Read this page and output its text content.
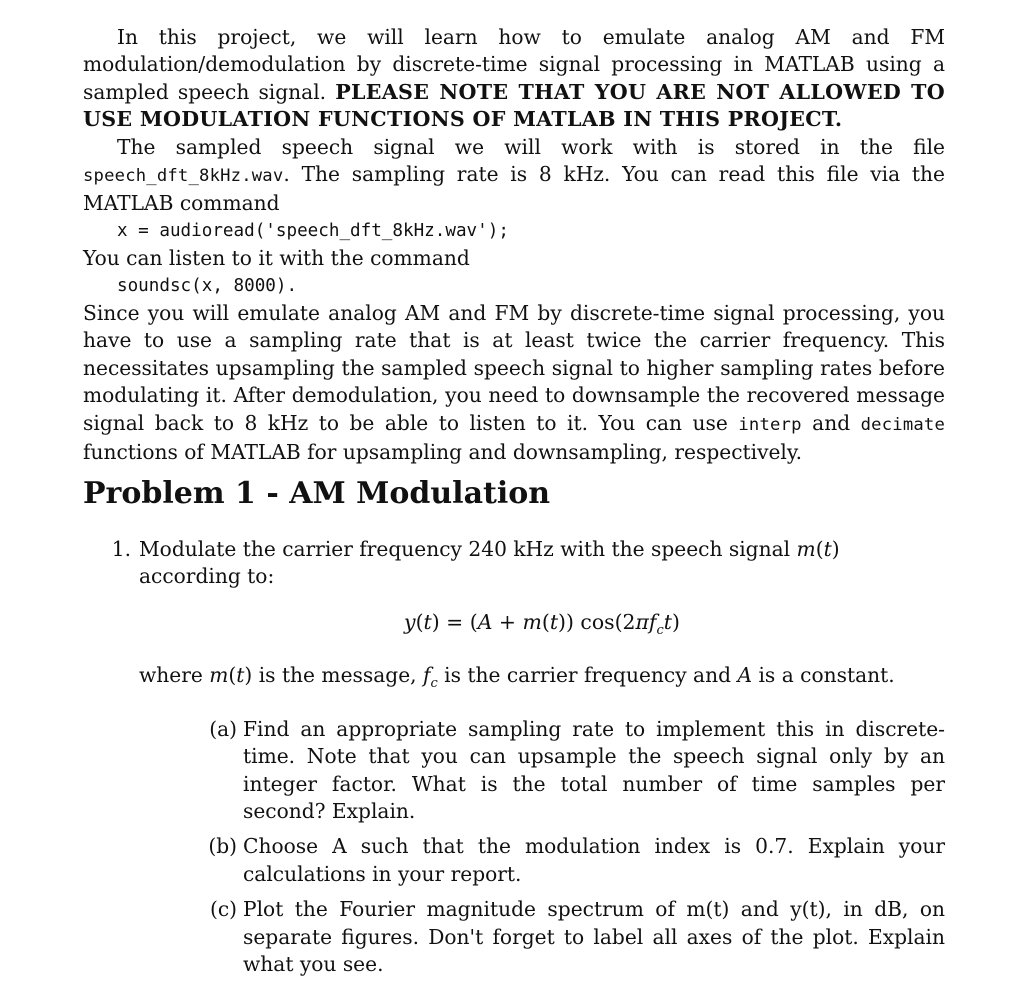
In this project, we will learn how to emulate analog AM and FM modulation/demodulation by discrete-time signal processing in MATLAB using a sampled speech signal. PLEASE NOTE THAT YOU ARE NOT ALLOWED TO USE MODULATION FUNCTIONS OF MATLAB IN THIS PROJECT.

The sampled speech signal we will work with is stored in the file speech_dft_8kHz.wav. The sampling rate is 8 kHz. You can read this file via the MATLAB command

x = audioread('speech_dft_8kHz.wav');

You can listen to it with the command

soundsc(x, 8000).

Since you will emulate analog AM and FM by discrete-time signal processing, you have to use a sampling rate that is at least twice the carrier frequency. This necessitates upsampling the sampled speech signal to higher sampling rates before modulating it. After demodulation, you need to downsample the recovered message signal back to 8 kHz to be able to listen to it. You can use interp and decimate functions of MATLAB for upsampling and downsampling, respectively.

Problem 1 - AM Modulation
1. Modulate the carrier frequency 240 kHz with the speech signal m(t) according to:
y(t) = (A + m(t)) $\cos(2\pi f_ct)$
where m(t) is the message, $f_c$ is the carrier frequency and A is a constant.
(a) Find an appropriate sampling rate to implement this in discrete-time. Note that you can upsample the speech signal only by an integer factor. What is the total number of time samples per second? Explain.
(b) Choose A such that the modulation index is 0.7. Explain your calculations in your report.
(c) Plot the Fourier magnitude spectrum of m(t) and y(t), in dB, on separate figures. Don't forget to label all axes of the plot. Explain what you see.
